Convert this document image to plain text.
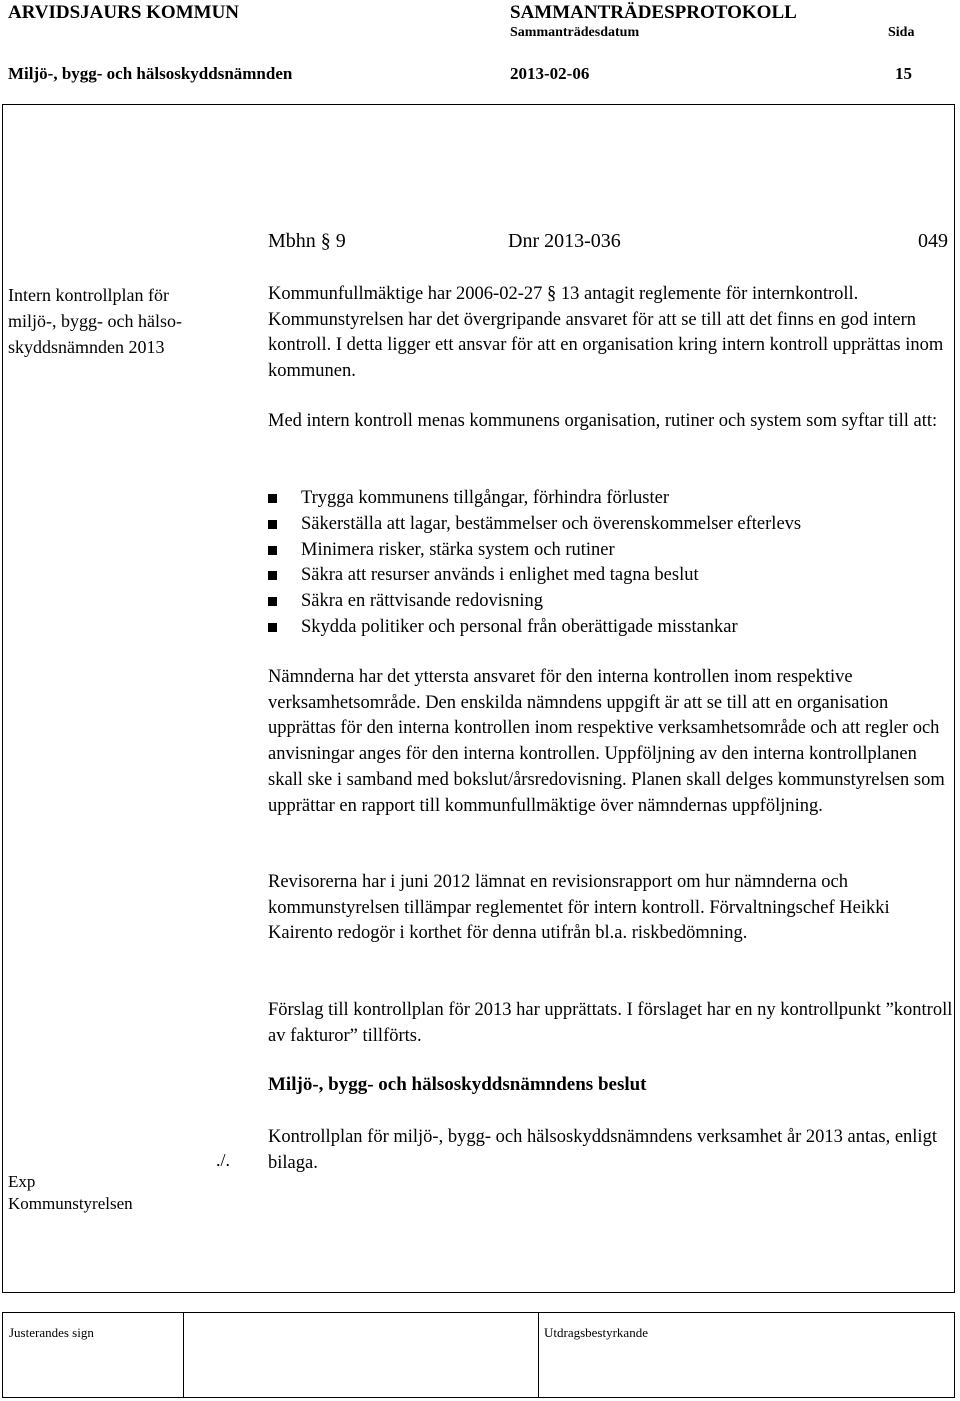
ARVIDSJAURS KOMMUN	SAMMANTRÄDESPROTOKOLL
Sammanträdesdatum	Sida
Miljö-, bygg- och hälsoskyddsnämnden	2013-02-06	15
Mbhn § 9	Dnr 2013-036	049
Intern kontrollplan för
miljö-, bygg- och hälso-
skyddsnämnden 2013

Kommunfullmäktige har 2006-02-27 § 13 antagit reglemente för internkontroll. Kommunstyrelsen har det övergripande ansvaret för att se till att det finns en god intern kontroll. I detta ligger ett ansvar för att en organisation kring intern kontroll upprättas inom kommunen.

Med intern kontroll menas kommunens organisation, rutiner och system som syftar till att:

Trygga kommunens tillgångar, förhindra förluster
Säkerställa att lagar, bestämmelser och överenskommelser efterlevs
Minimera risker, stärka system och rutiner
Säkra att resurser används i enlighet med tagna beslut
Säkra en rättvisande redovisning
Skydda politiker och personal från oberättigade misstankar

Nämnderna har det yttersta ansvaret för den interna kontrollen inom respektive verksamhetsområde. Den enskilda nämndens uppgift är att se till att en organisation upprättas för den interna kontrollen inom respektive verksamhetsområde och att regler och anvisningar anges för den interna kontrollen. Uppföljning av den interna kontrollplanen skall ske i samband med bokslut/årsredovisning. Planen skall delges kommunstyrelsen som upprättar en rapport till kommunfullmäktige över nämndernas uppföljning.

Revisorerna har i juni 2012 lämnat en revisionsrapport om hur nämnderna och kommunstyrelsen tillämpar reglementet för intern kontroll. Förvaltningschef Heikki Kairento redogör i korthet för denna utifrån bl.a. riskbedömning.

Förslag till kontrollplan för 2013 har upprättats. I förslaget har en ny kontrollpunkt ”kontroll av fakturor” tillförts.

Miljö-, bygg- och hälsoskyddsnämndens beslut

Kontrollplan för miljö-, bygg- och hälsoskyddsnämndens verksamhet år 2013 antas, enligt bilaga.

./.
Exp
Kommunstyrelsen
Justerandes sign	Utdragsbestyrkande
